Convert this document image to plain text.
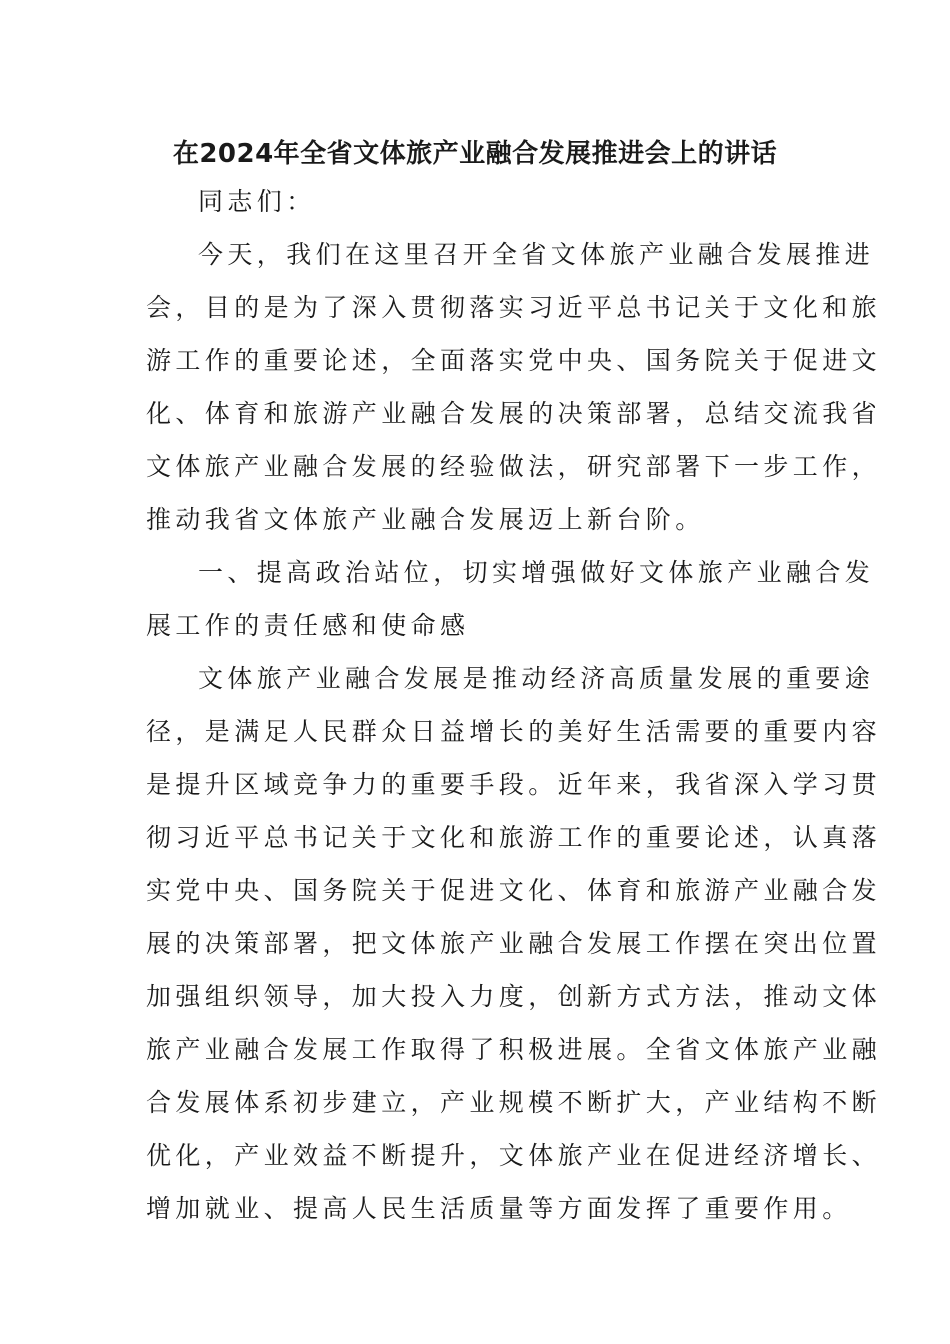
在2024年全省文体旅产业融合发展推进会上的讲话

同志们：

今天，我们在这里召开全省文体旅产业融合发展推进
会，目的是为了深入贯彻落实习近平总书记关于文化和旅
游工作的重要论述，全面落实党中央、国务院关于促进文
化、体育和旅游产业融合发展的决策部署，总结交流我省
文体旅产业融合发展的经验做法，研究部署下一步工作，
推动我省文体旅产业融合发展迈上新台阶。
一、提高政治站位，切实增强做好文体旅产业融合发
展工作的责任感和使命感
文体旅产业融合发展是推动经济高质量发展的重要途
径，是满足人民群众日益增长的美好生活需要的重要内容
是提升区域竞争力的重要手段。近年来，我省深入学习贯
彻习近平总书记关于文化和旅游工作的重要论述，认真落
实党中央、国务院关于促进文化、体育和旅游产业融合发
展的决策部署，把文体旅产业融合发展工作摆在突出位置
加强组织领导，加大投入力度，创新方式方法，推动文体
旅产业融合发展工作取得了积极进展。全省文体旅产业融
合发展体系初步建立，产业规模不断扩大，产业结构不断
优化，产业效益不断提升，文体旅产业在促进经济增长、
增加就业、提高人民生活质量等方面发挥了重要作用。
